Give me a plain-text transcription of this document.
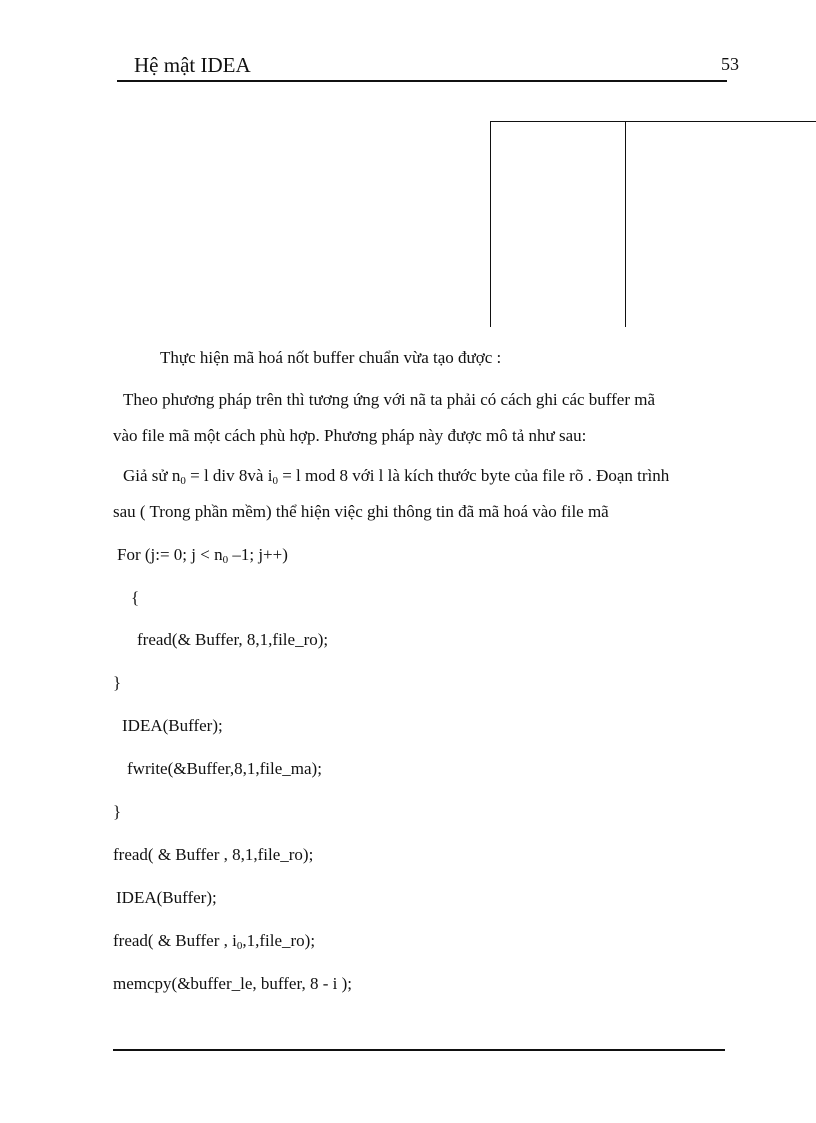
Hệ mật IDEA	53
Thực hiện mã hoá nốt buffer chuẩn vừa tạo được :
Theo phương pháp trên thì tương ứng với nã ta phải có cách ghi các buffer mã
vào file mã một cách phù hợp. Phương pháp này được mô tả như sau:
Giả sử $n_0 = l$ div 8và $i_0 = l$ mod 8 với l là kích thước byte của file rõ . Đoạn trình
sau ( Trong phần mềm) thể hiện việc ghi thông tin đã mã hoá vào file mã
For (j:= 0; $j < n_0$ –1; j++)
{
fread(& Buffer, 8,1,file_ro);
}
IDEA(Buffer);
fwrite(&Buffer,8,1,file_ma);
}
fread( & Buffer , 8,1,file_ro);
IDEA(Buffer);
fread( & Buffer , $i_0,1,file\_ro$);
memcpy(&buffer_le, buffer, 8 - i );
